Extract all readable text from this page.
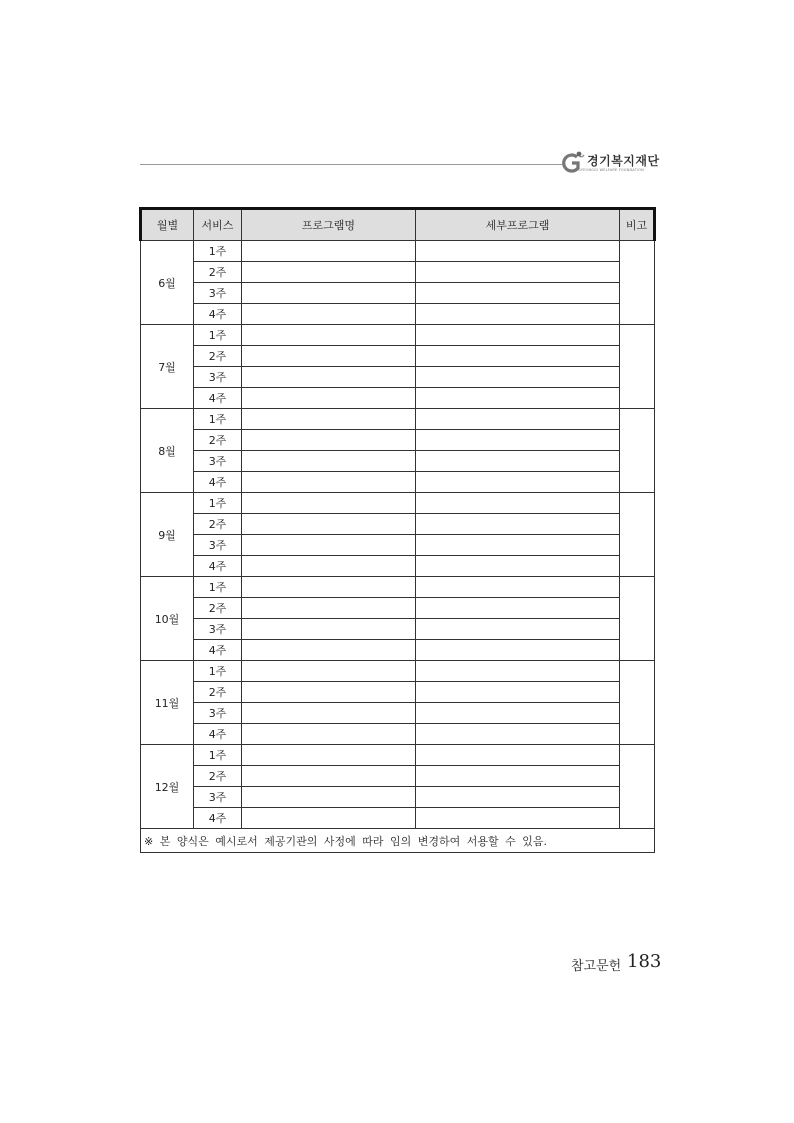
경기복지재단
GYEONGGI WELFARE FOUNDATION
월별	서비스	프로그램명	세부프로그램	비고
6월	1주			
	2주			
	3주			
	4주			
7월	1주			
	2주			
	3주			
	4주			
8월	1주			
	2주			
	3주			
	4주			
9월	1주			
	2주			
	3주			
	4주			
10월	1주			
	2주			
	3주			
	4주			
11월	1주			
	2주			
	3주			
	4주			
12월	1주			
	2주			
	3주			
	4주			
※ 본 양식은 예시로서 제공기관의 사정에 따라 임의 변경하여 서용할 수 있음.				
참고문헌 183
